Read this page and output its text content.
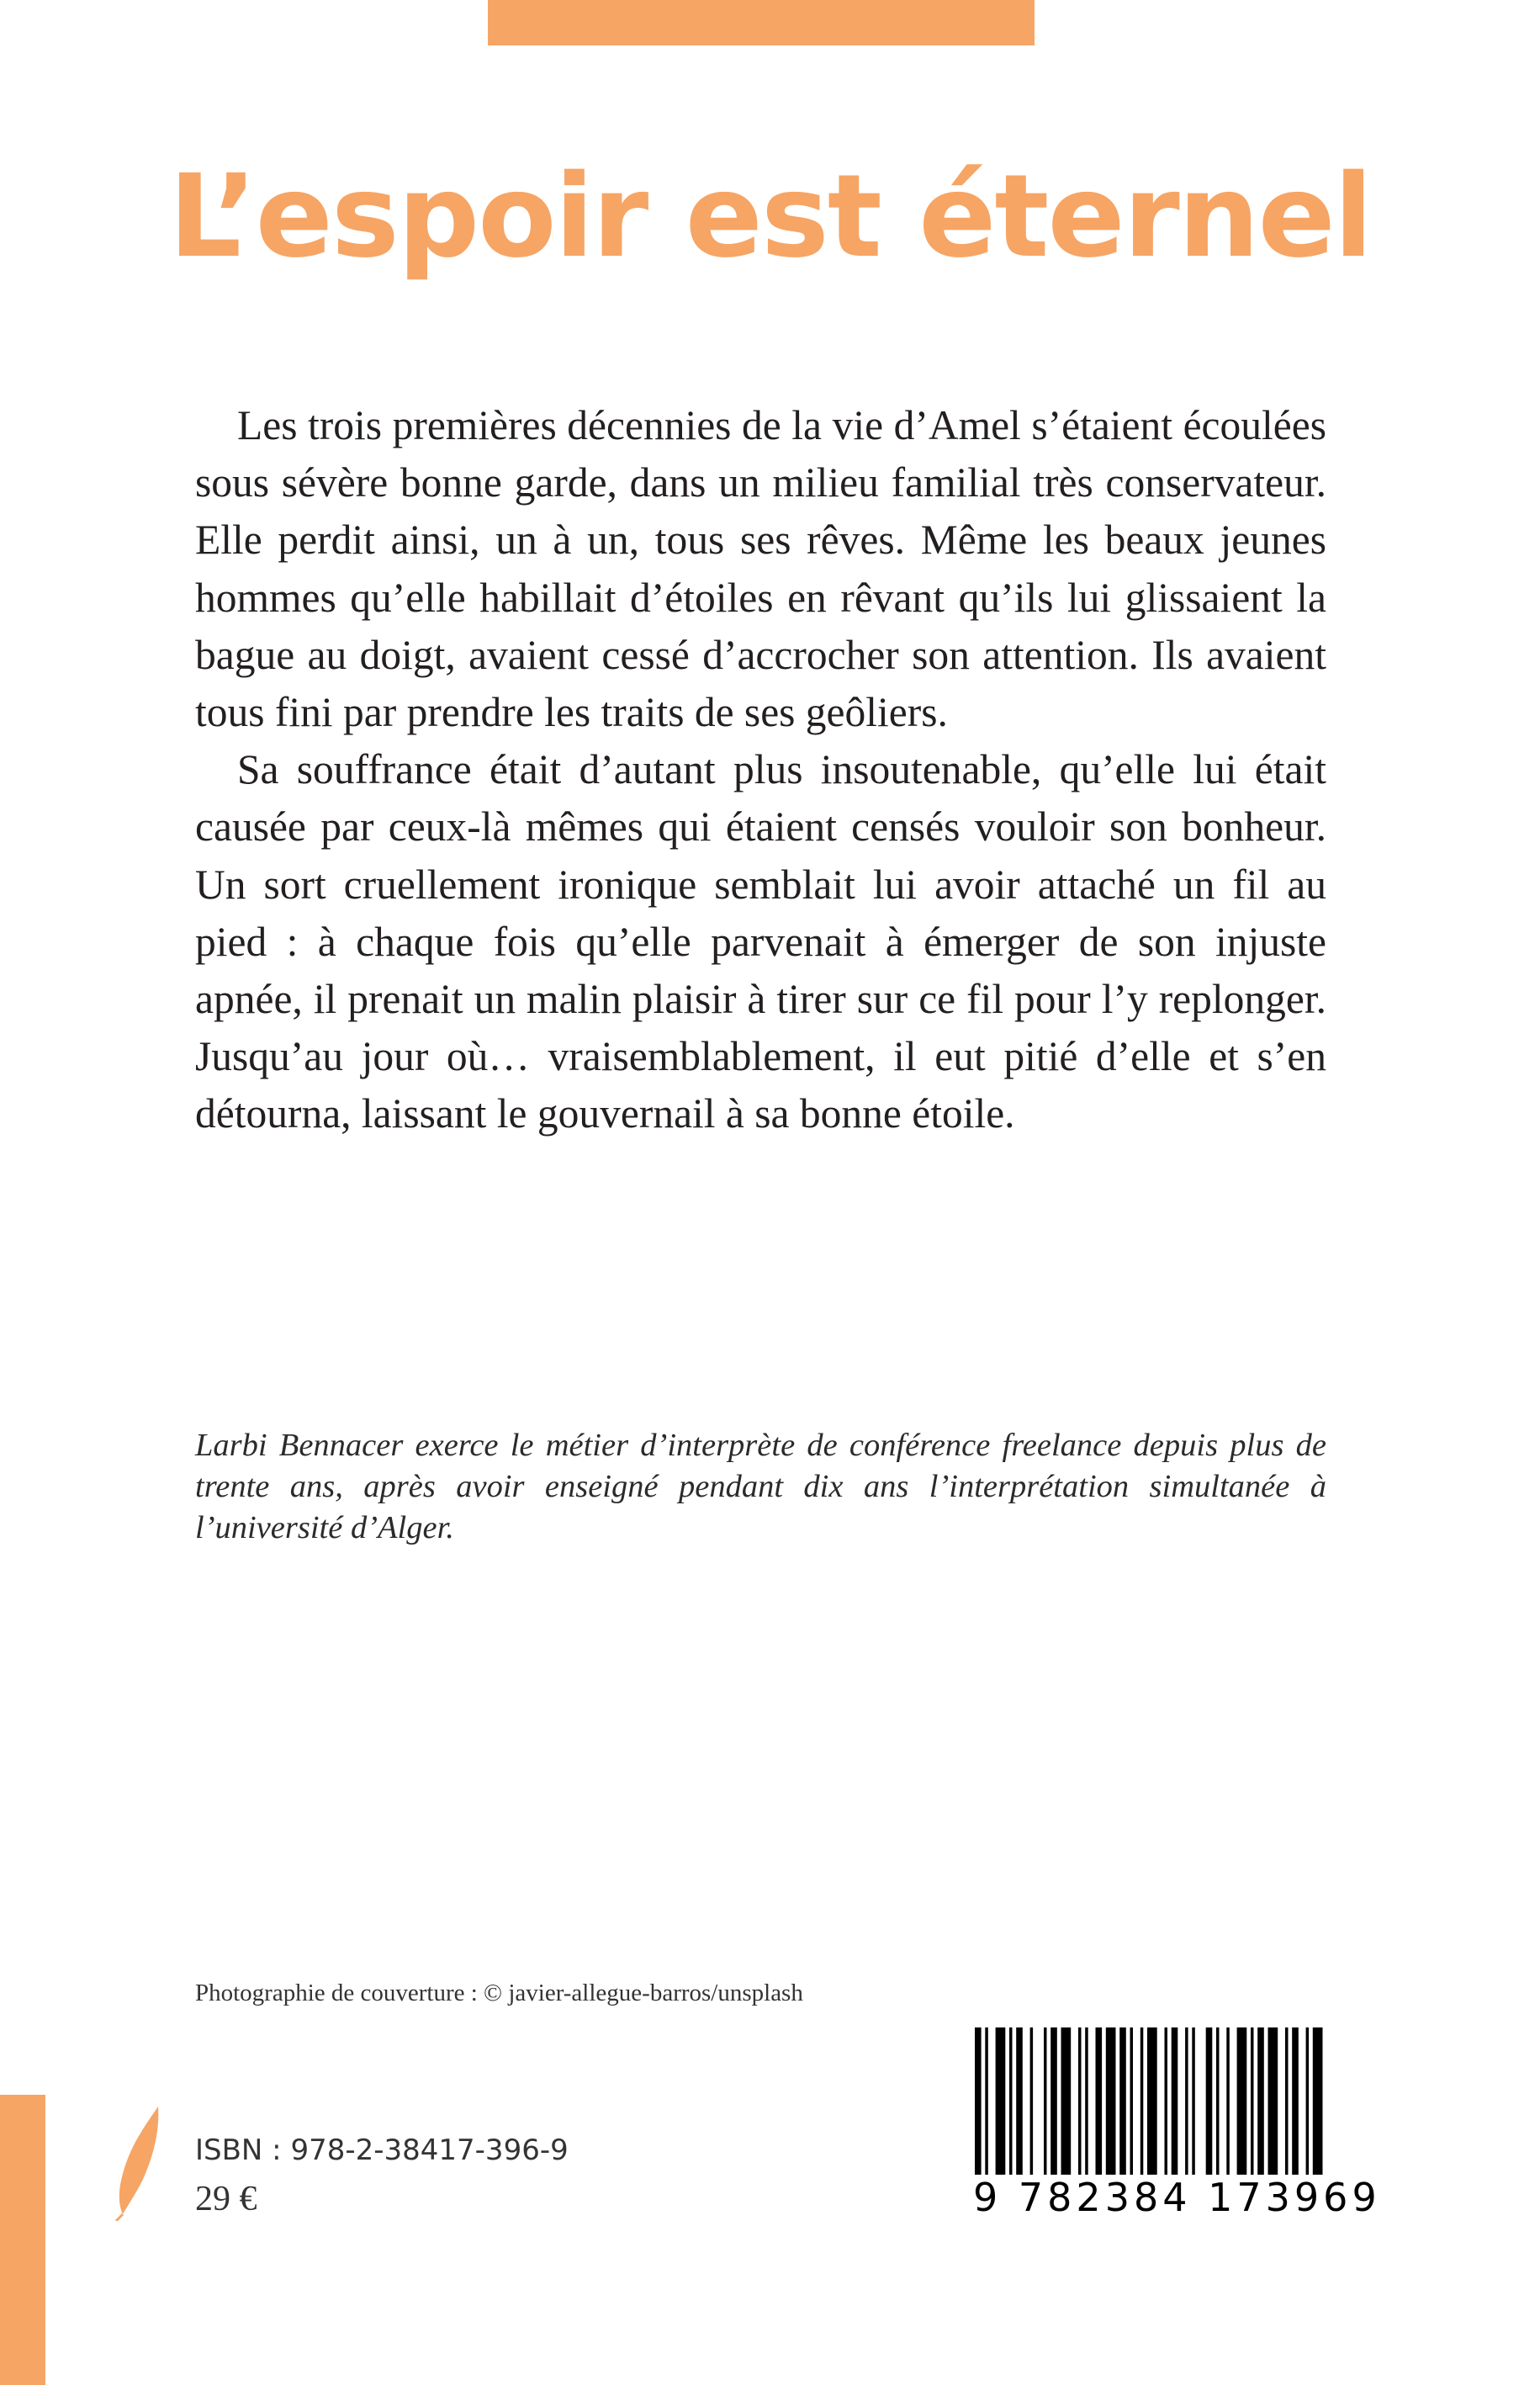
L’espoir est éternel

Les trois premières décennies de la vie d’Amel s’étaient écoulées sous sévère bonne garde, dans un milieu familial très conservateur. Elle perdit ainsi, un à un, tous ses rêves. Même les beaux jeunes hommes qu’elle habillait d’étoiles en rêvant qu’ils lui glissaient la bague au doigt, avaient cessé d’accrocher son attention. Ils avaient tous fini par prendre les traits de ses geôliers.

Sa souffrance était d’autant plus insoutenable, qu’elle lui était causée par ceux-là mêmes qui étaient censés vouloir son bonheur. Un sort cruellement ironique semblait lui avoir attaché un fil au pied : à chaque fois qu’elle parvenait à émerger de son injuste apnée, il prenait un malin plaisir à tirer sur ce fil pour l’y replonger. Jusqu’au jour où… vraisemblablement, il eut pitié d’elle et s’en détourna, laissant le gouvernail à sa bonne étoile.

Larbi Bennacer exerce le métier d’interprète de conférence freelance depuis plus de trente ans, après avoir enseigné pendant dix ans l’interprétation simultanée à l’université d’Alger.

Photographie de couverture : © javier-allegue-barros/unsplash
ISBN : 978-2-38417-396-9
29 €	9 782384 173969
